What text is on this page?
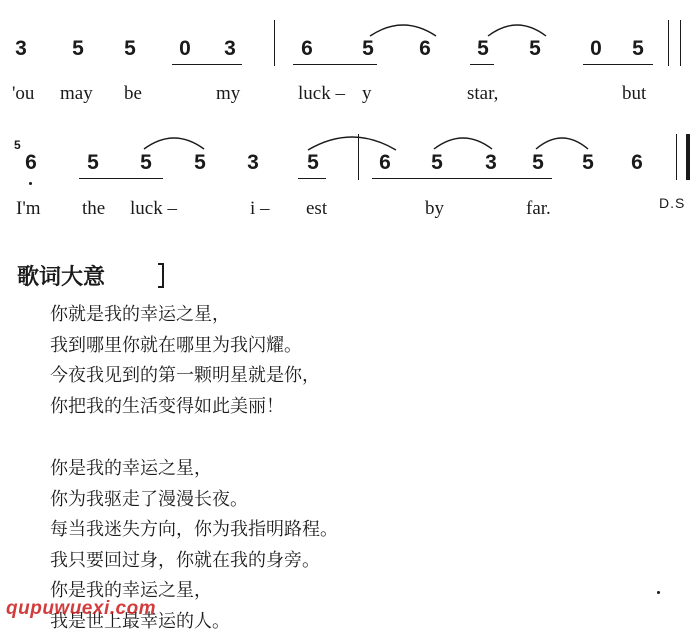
3	5	5	0	3	6	5	6	5	5	0	5
'ou may be	my	luck – y	star,	but
5
6	5	5	5	3	5	6	5	3	5	5	6
I'm the luck –	i – est	by	far.	D.S
歌词大意
你就是我的幸运之星，
我到哪里你就在哪里为我闪耀。
今夜我见到的第一颗明星就是你，
你把我的生活变得如此美丽！
你是我的幸运之星，
你为我驱走了漫漫长夜。
每当我迷失方向，你为我指明路程。
我只要回过身，你就在我的身旁。
你是我的幸运之星，
我是世上最幸运的人。
qupuwuexi.com
